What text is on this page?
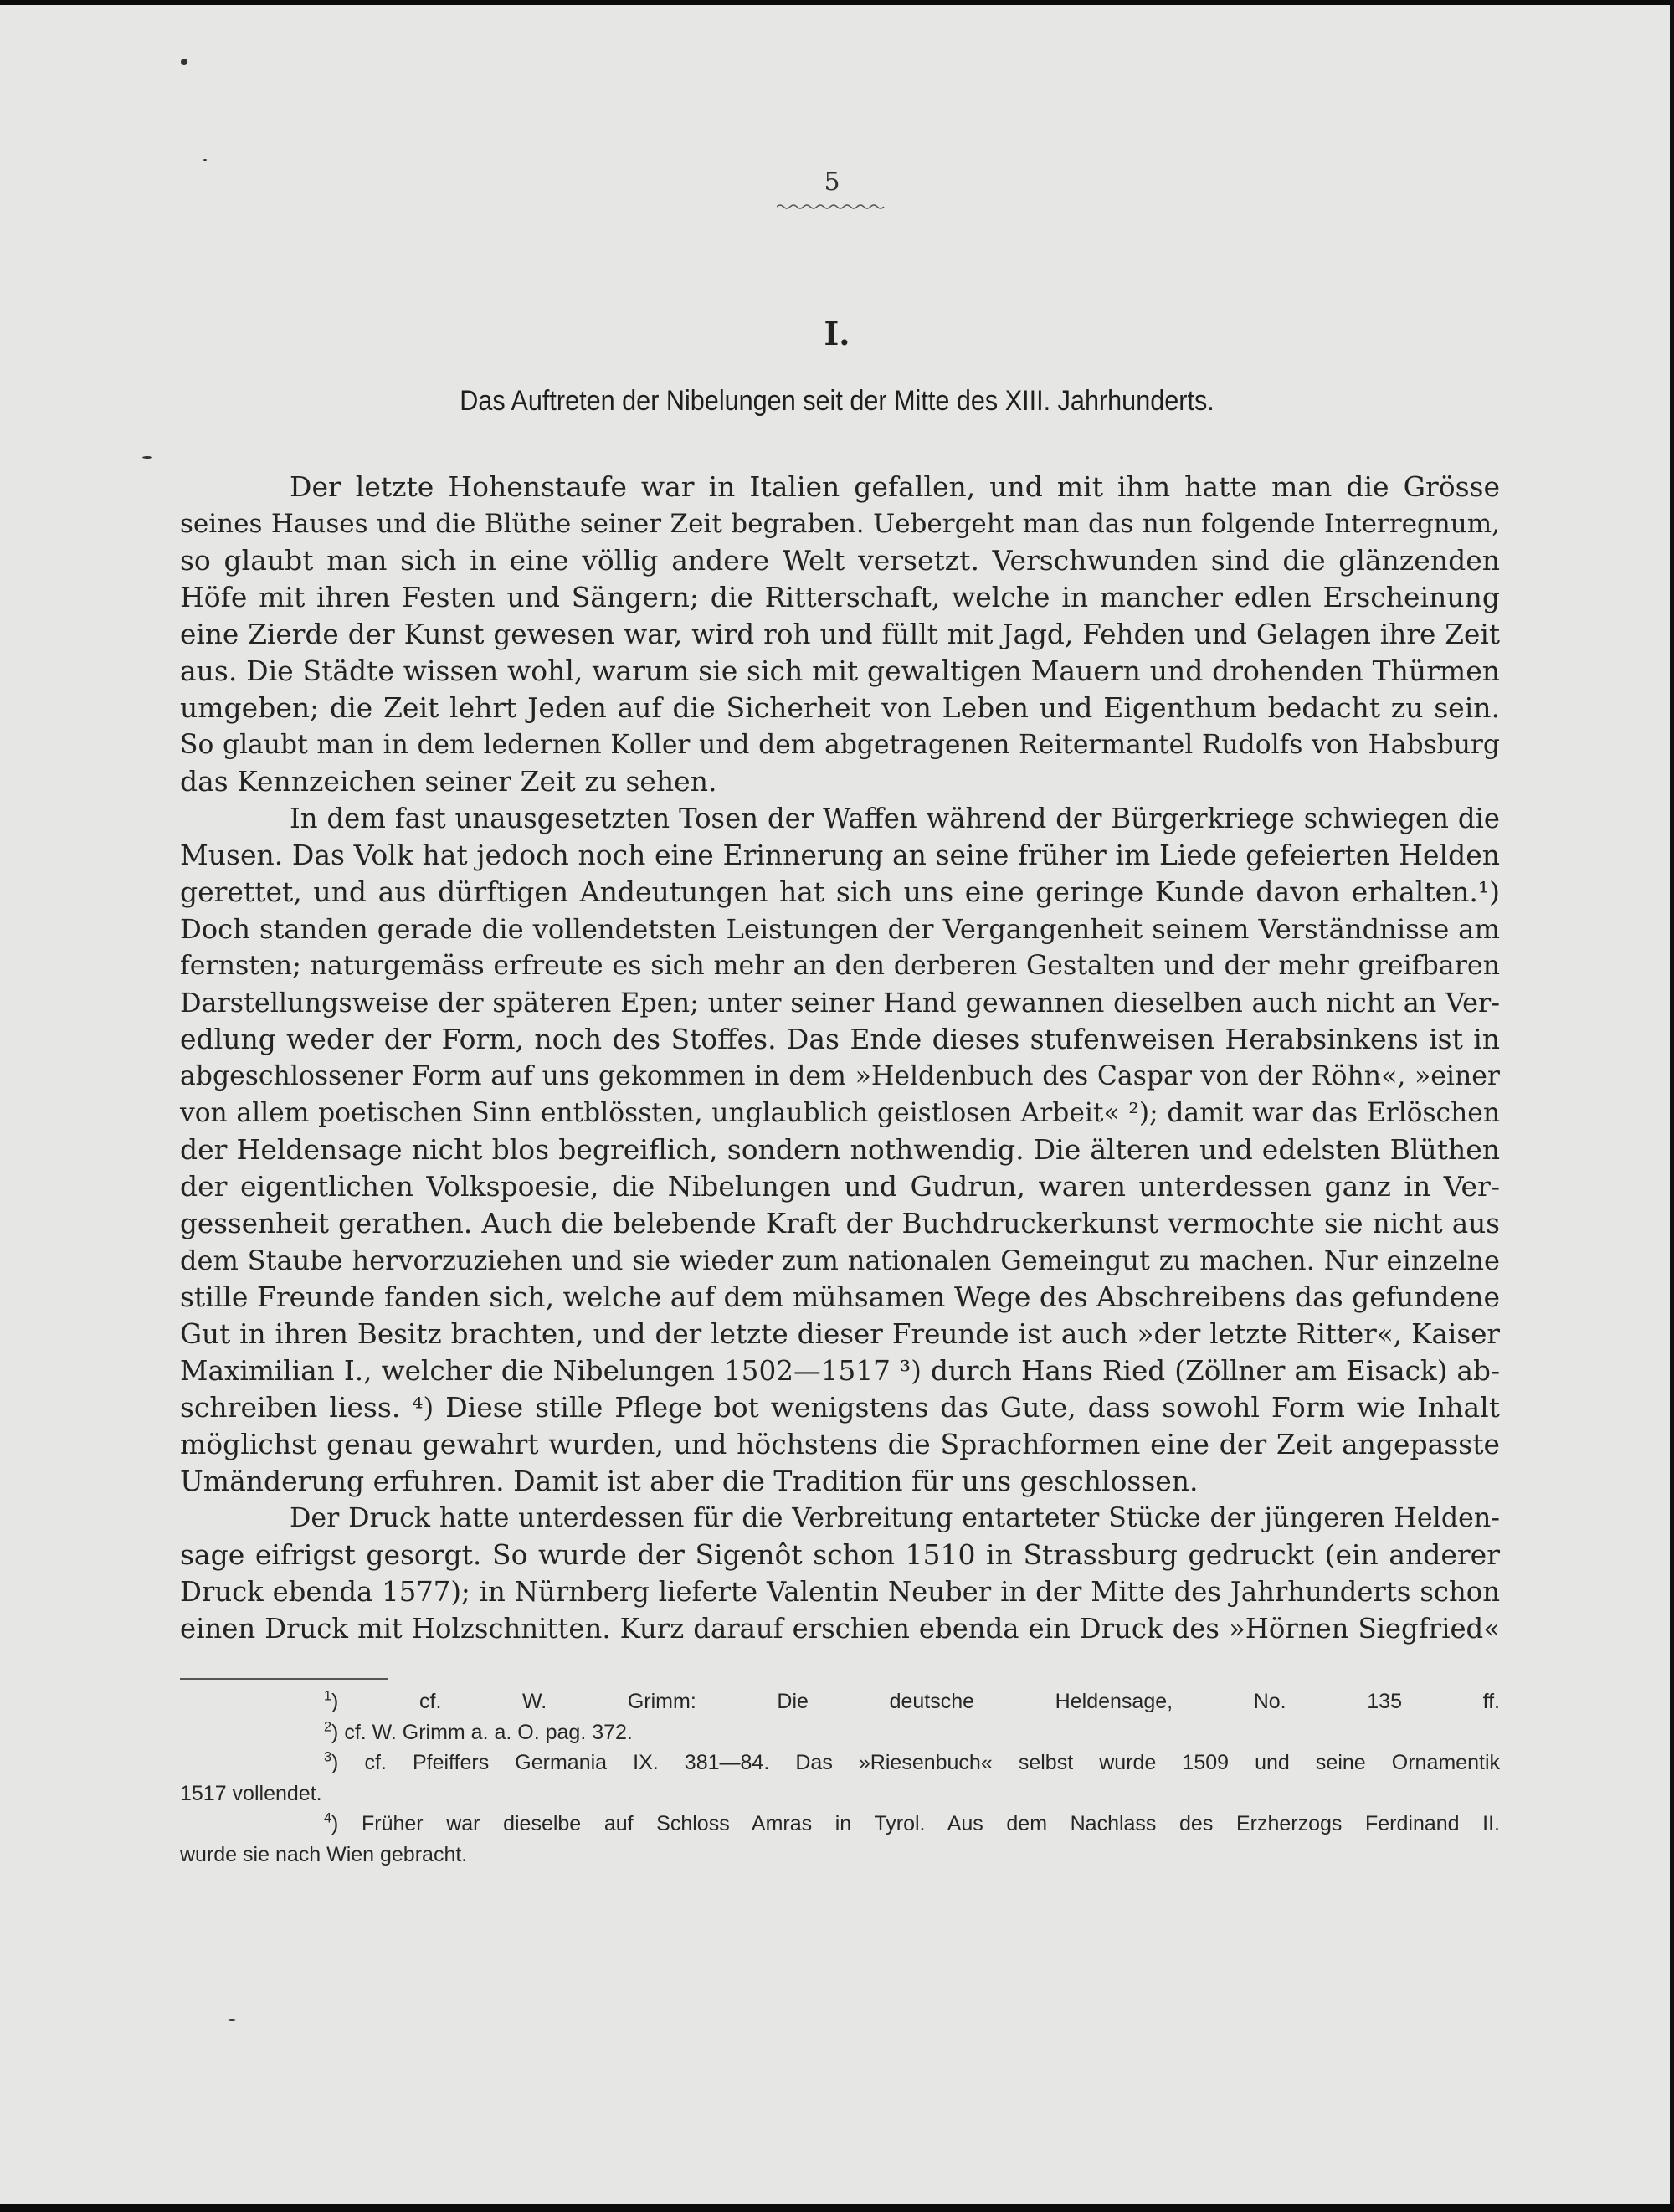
5
I.
Das Auftreten der Nibelungen seit der Mitte des XIII. Jahrhunderts.
Der letzte Hohenstaufe war in Italien gefallen, und mit ihm hatte man die Grösse
seines Hauses und die Blüthe seiner Zeit begraben. Uebergeht man das nun folgende Interregnum,
so glaubt man sich in eine völlig andere Welt versetzt. Verschwunden sind die glänzenden
Höfe mit ihren Festen und Sängern; die Ritterschaft, welche in mancher edlen Erscheinung
eine Zierde der Kunst gewesen war, wird roh und füllt mit Jagd, Fehden und Gelagen ihre Zeit
aus. Die Städte wissen wohl, warum sie sich mit gewaltigen Mauern und drohenden Thürmen
umgeben; die Zeit lehrt Jeden auf die Sicherheit von Leben und Eigenthum bedacht zu sein.
So glaubt man in dem ledernen Koller und dem abgetragenen Reitermantel Rudolfs von Habsburg
das Kennzeichen seiner Zeit zu sehen.
In dem fast unausgesetzten Tosen der Waffen während der Bürgerkriege schwiegen die
Musen. Das Volk hat jedoch noch eine Erinnerung an seine früher im Liede gefeierten Helden
gerettet, und aus dürftigen Andeutungen hat sich uns eine geringe Kunde davon erhalten.¹)
Doch standen gerade die vollendetsten Leistungen der Vergangenheit seinem Verständnisse am
fernsten; naturgemäss erfreute es sich mehr an den derberen Gestalten und der mehr greifbaren
Darstellungsweise der späteren Epen; unter seiner Hand gewannen dieselben auch nicht an Ver-
edlung weder der Form, noch des Stoffes. Das Ende dieses stufenweisen Herabsinkens ist in
abgeschlossener Form auf uns gekommen in dem »Heldenbuch des Caspar von der Röhn«, »einer
von allem poetischen Sinn entblössten, unglaublich geistlosen Arbeit« ²); damit war das Erlöschen
der Heldensage nicht blos begreiflich, sondern nothwendig. Die älteren und edelsten Blüthen
der eigentlichen Volkspoesie, die Nibelungen und Gudrun, waren unterdessen ganz in Ver-
gessenheit gerathen. Auch die belebende Kraft der Buchdruckerkunst vermochte sie nicht aus
dem Staube hervorzuziehen und sie wieder zum nationalen Gemeingut zu machen. Nur einzelne
stille Freunde fanden sich, welche auf dem mühsamen Wege des Abschreibens das gefundene
Gut in ihren Besitz brachten, und der letzte dieser Freunde ist auch »der letzte Ritter«, Kaiser
Maximilian I., welcher die Nibelungen 1502—1517 ³) durch Hans Ried (Zöllner am Eisack) ab-
schreiben liess. ⁴) Diese stille Pflege bot wenigstens das Gute, dass sowohl Form wie Inhalt
möglichst genau gewahrt wurden, und höchstens die Sprachformen eine der Zeit angepasste
Umänderung erfuhren. Damit ist aber die Tradition für uns geschlossen.
Der Druck hatte unterdessen für die Verbreitung entarteter Stücke der jüngeren Helden-
sage eifrigst gesorgt. So wurde der Sigenôt schon 1510 in Strassburg gedruckt (ein anderer
Druck ebenda 1577); in Nürnberg lieferte Valentin Neuber in der Mitte des Jahrhunderts schon
einen Druck mit Holzschnitten. Kurz darauf erschien ebenda ein Druck des »Hörnen Siegfried«
$^1$) cf. W. Grimm: Die deutsche Heldensage, No. 135 ff.
$^2$) cf. W. Grimm a. a. O. pag. 372.
$^3$) cf. Pfeiffers Germania IX. 381—84. Das »Riesenbuch« selbst wurde 1509 und seine Ornamentik
1517 vollendet.
$^4$) Früher war dieselbe auf Schloss Amras in Tyrol. Aus dem Nachlass des Erzherzogs Ferdinand II.
wurde sie nach Wien gebracht.
